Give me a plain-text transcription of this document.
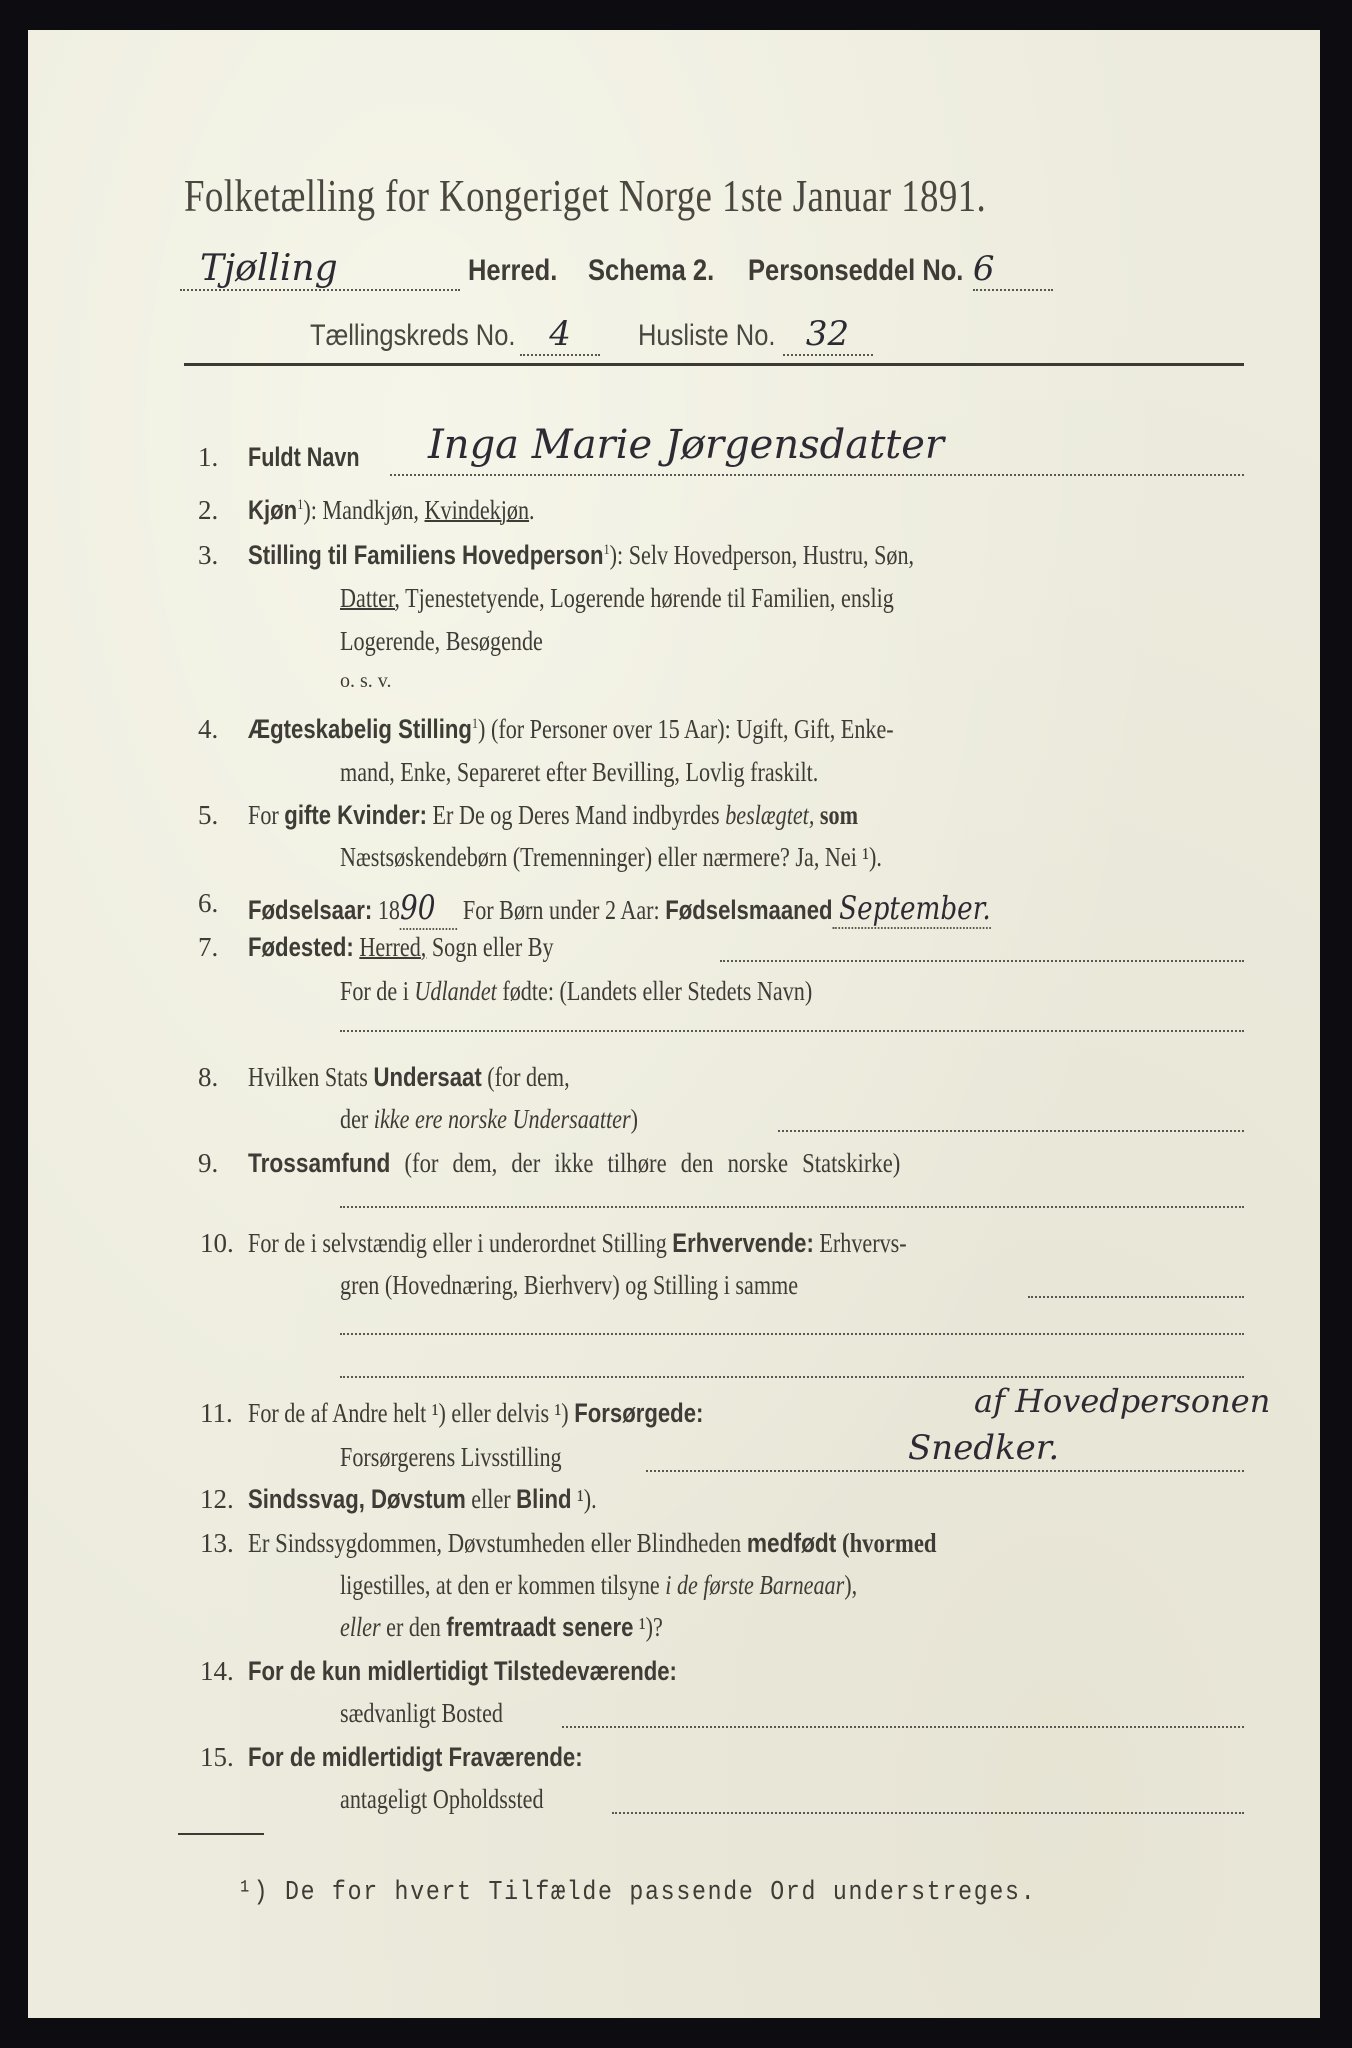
Folketælling for Kongeriget Norge 1ste Januar 1891.
Tjølling	Herred. Schema 2. Personseddel No. 6
Tællingskreds No. 4 Husliste No. 32
1. Fuldt Navn Inga Marie Jørgensdatter
2. Kjøn$^1$): Mandkjøn, Kvindekjøn.
3. Stilling til Familiens Hovedperson$^1$): Selv Hovedperson, Hustru, Søn,
Datter, Tjenestetyende, Logerende hørende til Familien, enslig
Logerende, Besøgende
o. s. v.
4. Ægteskabelig Stilling$^1$) (for Personer over 15 Aar): Ugift, Gift, Enke-
mand, Enke, Separeret efter Bevilling, Lovlig fraskilt.
5. For gifte Kvinder: Er De og Deres Mand indbyrdes beslægtet, som
Næstsøskendebørn (Tremenninger) eller nærmere? Ja, Nei ¹).
6. Fødselsaar: 1890 For Børn under 2 Aar: Fødselsmaaned September.
7. Fødested: Herred, Sogn eller By
For de i Udlandet fødte: (Landets eller Stedets Navn)
8. Hvilken Stats Undersaat (for dem,
der ikke ere norske Undersaatter)
9. Trossamfund (for dem, der ikke tilhøre den norske Statskirke)
10. For de i selvstændig eller i underordnet Stilling Erhvervende: Erhvervs-
gren (Hovednæring, Bierhverv) og Stilling i samme
11. For de af Andre helt ¹) eller delvis ¹) Forsørgede:	af Hovedpersonen
Forsørgerens Livsstilling	Snedker.
12. Sindssvag, Døvstum eller Blind ¹).
13. Er Sindssygdommen, Døvstumheden eller Blindheden medfødt (hvormed
ligestilles, at den er kommen tilsyne i de første Barneaar),
eller er den fremtraadt senere ¹)?
14. For de kun midlertidigt Tilstedeværende:
sædvanligt Bosted
15. For de midlertidigt Fraværende:
antageligt Opholdssted
¹) De for hvert Tilfælde passende Ord understreges.
